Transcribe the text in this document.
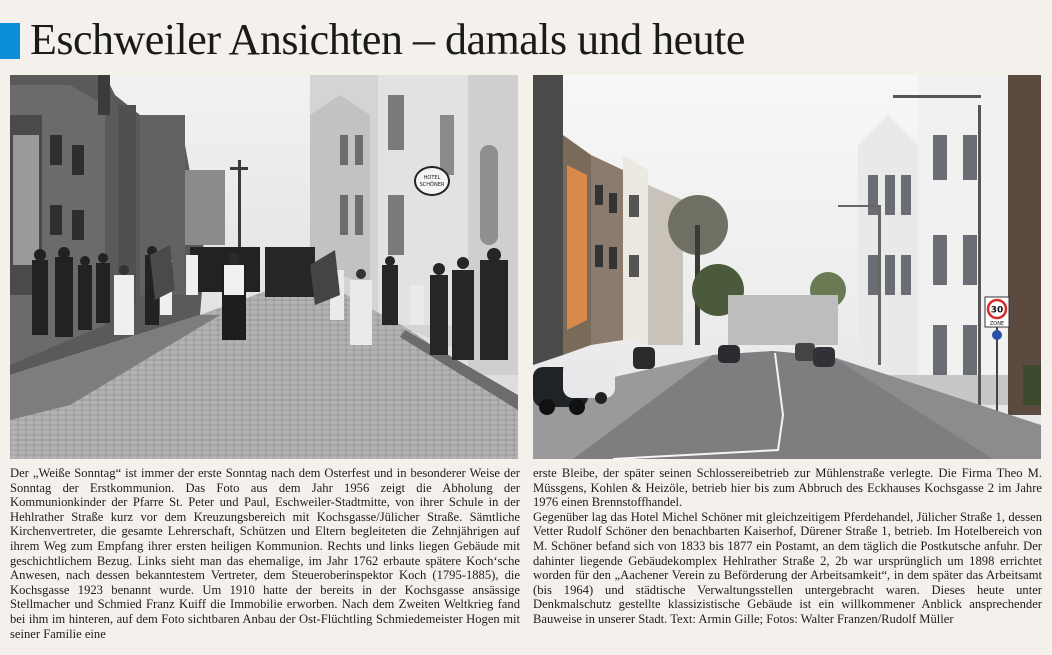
Eschweiler Ansichten – damals und heute
HOTEL
SCHÖNER
30
ZONE

Der „Weiße Sonntag“ ist immer der erste Sonntag nach dem Osterfest und in besonderer Weise der Sonntag der Erstkommunion. Das Foto aus dem Jahr 1956 zeigt die Abholung der Kommunionkinder der Pfarre St. Peter und Paul, Eschweiler-Stadtmitte, von ihrer Schule in der Hehlrather Straße kurz vor dem Kreuzungsbereich mit Kochsgasse/Jülicher Straße. Sämtliche Kirchenvertreter, die gesamte Lehrerschaft, Schützen und Eltern begleiteten die Zehnjährigen auf ihrem Weg zum Empfang ihrer ersten heiligen Kommunion. Rechts und links liegen Gebäude mit geschichtlichem Bezug. Links sieht man das ehemalige, im Jahr 1762 erbaute spätere Koch‘sche Anwesen, nach dessen bekanntestem Vertreter, dem Steueroberinspektor Koch (1795-1885), die Kochsgasse 1923 benannt wurde. Um 1910 hatte der bereits in der Kochsgasse ansässige Stellmacher und Schmied Franz Kuiff die Immobilie erworben. Nach dem Zweiten Weltkrieg fand bei ihm im hinteren, auf dem Foto sichtbaren Anbau der Ost-Flüchtling Schmiedemeister Hogen mit seiner Familie eine

erste Bleibe, der später seinen Schlossereibetrieb zur Mühlenstraße verlegte. Die Firma Theo M. Müssgens, Kohlen & Heizöle, betrieb hier bis zum Abbruch des Eckhauses Kochsgasse 2 im Jahre 1976 einen Brennstoffhandel.

Gegenüber lag das Hotel Michel Schöner mit gleichzeitigem Pferdehandel, Jülicher Straße 1, dessen Vetter Rudolf Schöner den benachbarten Kaiserhof, Dürener Straße 1, betrieb. Im Hotelbereich von M. Schöner befand sich von 1833 bis 1877 ein Postamt, an dem täglich die Postkutsche anfuhr. Der dahinter liegende Gebäudekomplex Hehlrather Straße 2, 2b war ursprünglich um 1898 errichtet worden für den „Aachener Verein zu Beförderung der Arbeitsamkeit“, in dem später das Arbeitsamt (bis 1964) und städtische Verwaltungsstellen untergebracht waren. Dieses heute unter Denkmalschutz gestellte klassizistische Gebäude ist ein willkommener Anblick ansprechender Bauweise in unserer Stadt. Text: Armin Gille; Fotos: Walter Franzen/Rudolf Müller
